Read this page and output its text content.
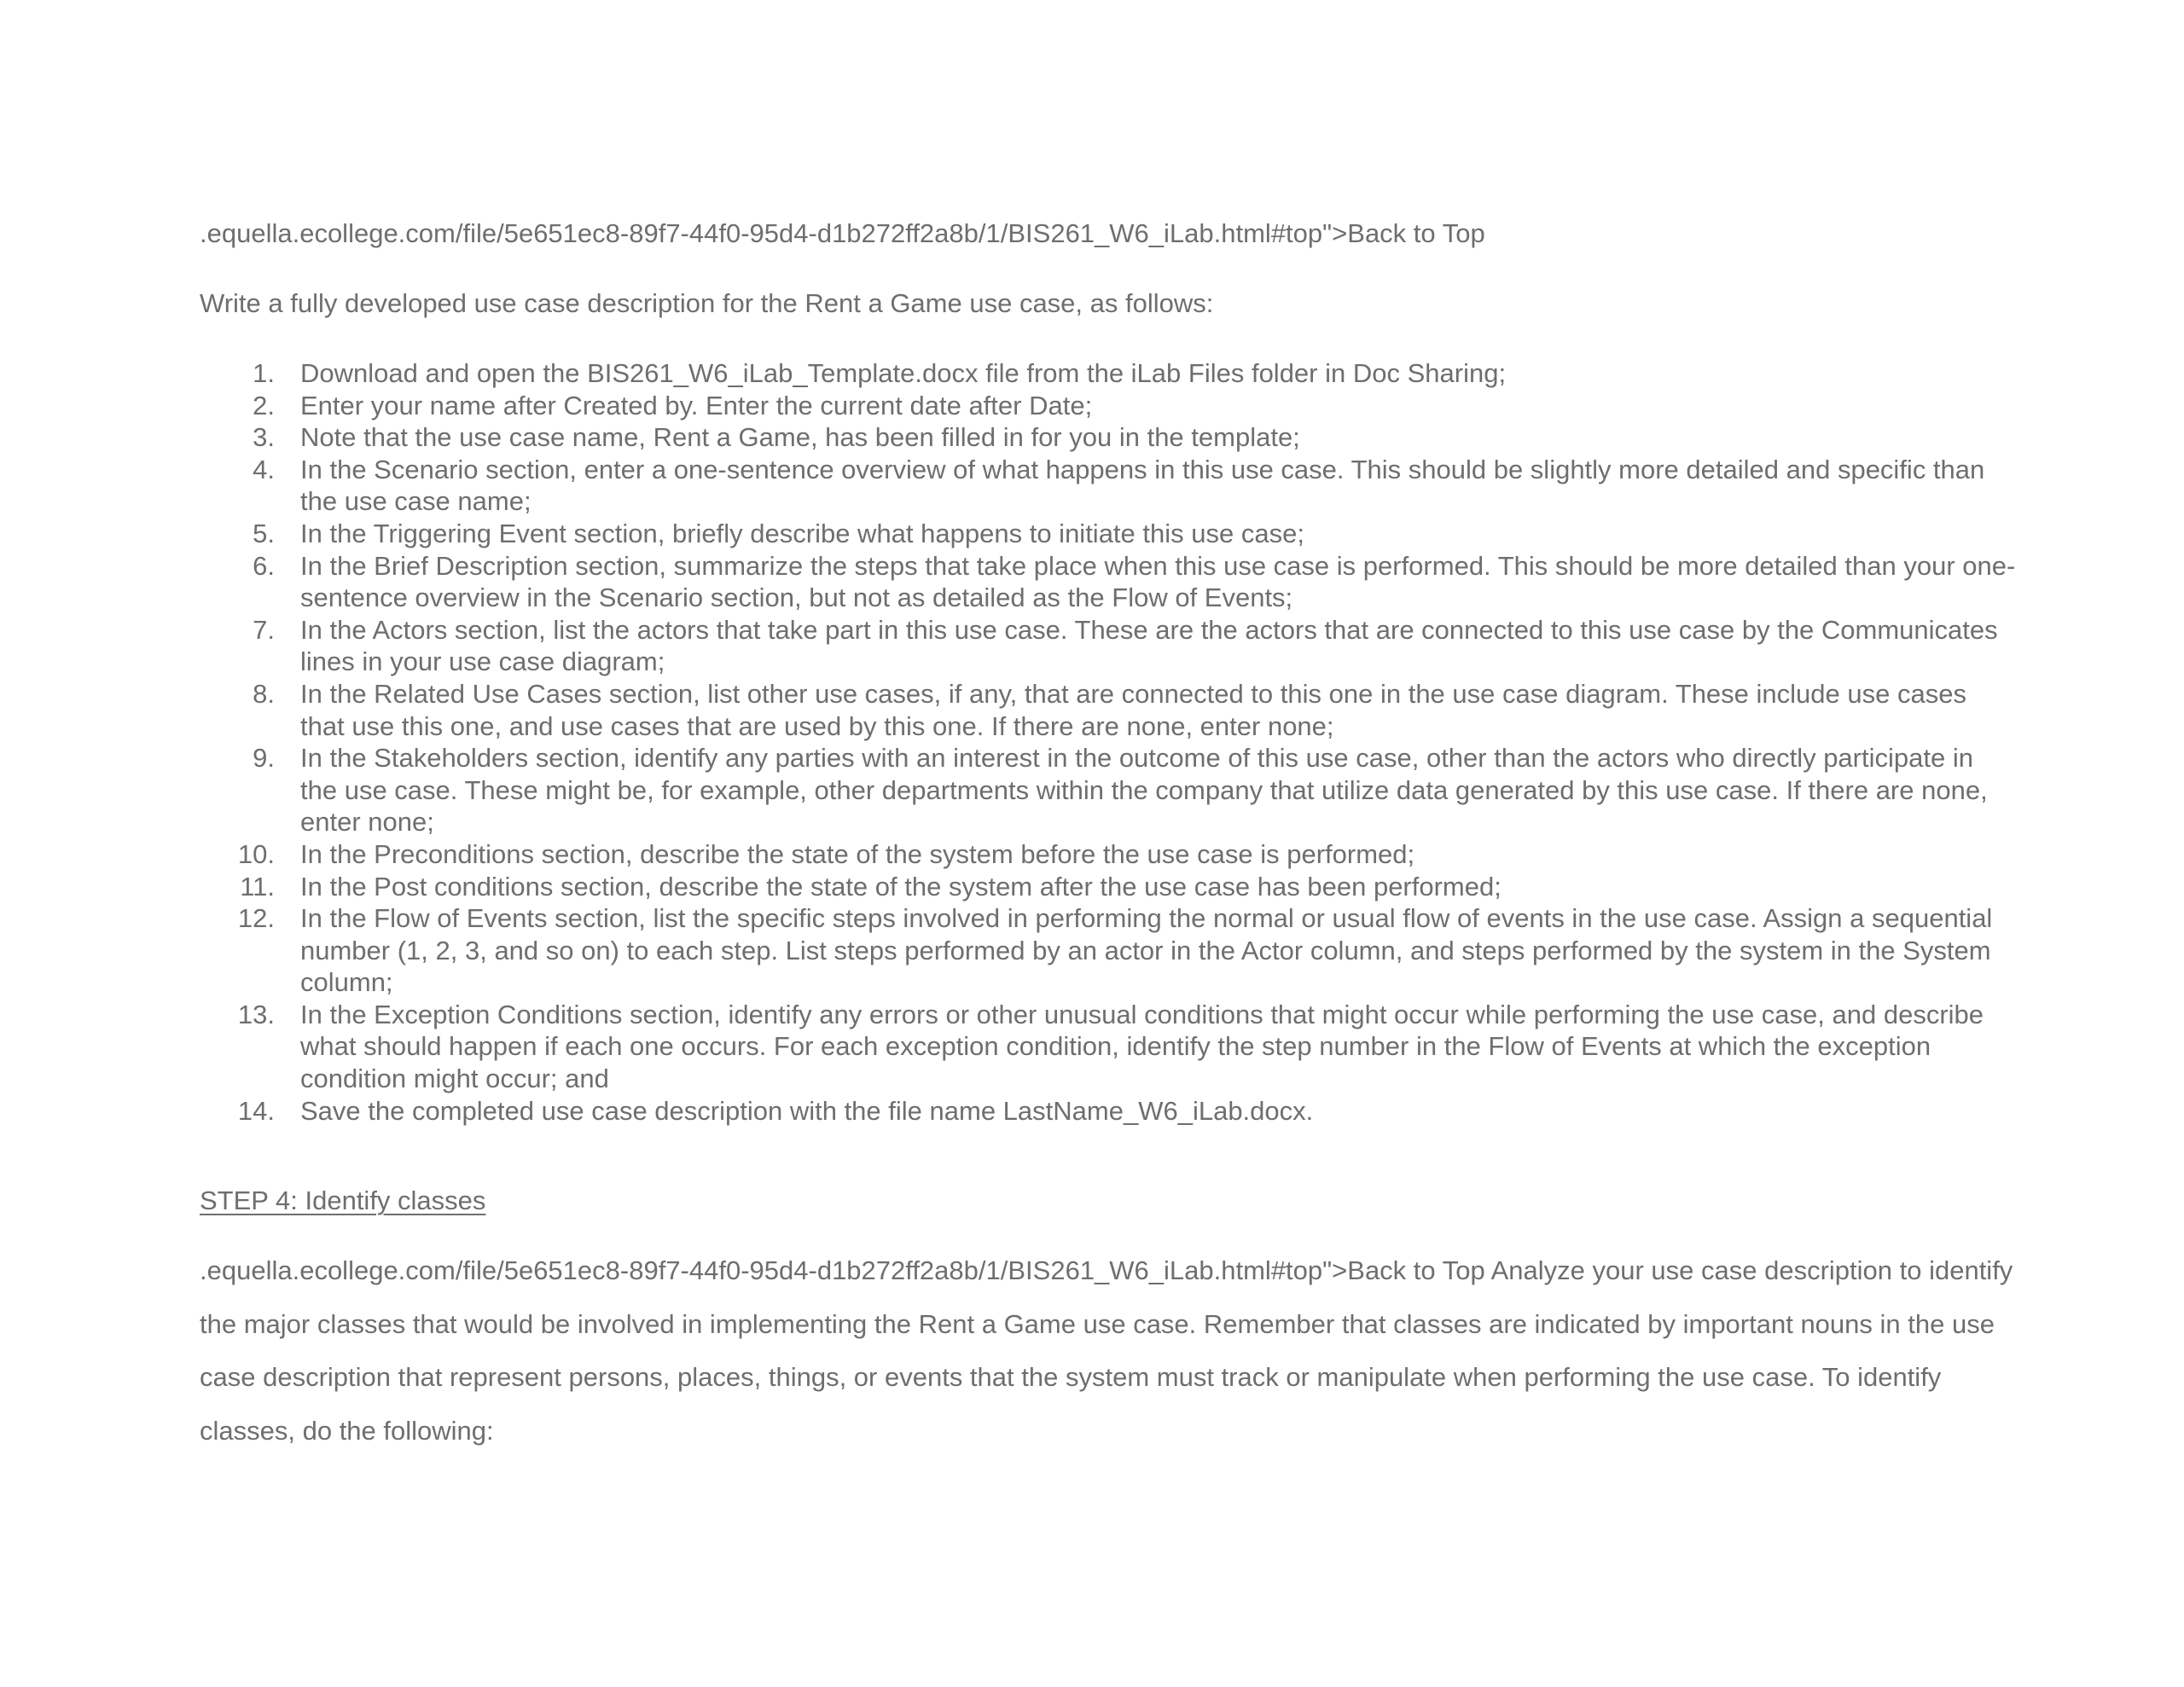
.equella.ecollege.com/file/5e651ec8-89f7-44f0-95d4-d1b272ff2a8b/1/BIS261_W6_iLab.html#top">Back to Top

Write a fully developed use case description for the Rent a Game use case, as follows:

1. Download and open the BIS261_W6_iLab_Template.docx file from the iLab Files folder in Doc Sharing;
2. Enter your name after Created by. Enter the current date after Date;
3. Note that the use case name, Rent a Game, has been filled in for you in the template;
4. In the Scenario section, enter a one-sentence overview of what happens in this use case. This should be slightly more detailed and specific than the use case name;
5. In the Triggering Event section, briefly describe what happens to initiate this use case;
6. In the Brief Description section, summarize the steps that take place when this use case is performed. This should be more detailed than your one-sentence overview in the Scenario section, but not as detailed as the Flow of Events;
7. In the Actors section, list the actors that take part in this use case. These are the actors that are connected to this use case by the Communicates lines in your use case diagram;
8. In the Related Use Cases section, list other use cases, if any, that are connected to this one in the use case diagram. These include use cases that use this one, and use cases that are used by this one. If there are none, enter none;
9. In the Stakeholders section, identify any parties with an interest in the outcome of this use case, other than the actors who directly participate in the use case. These might be, for example, other departments within the company that utilize data generated by this use case. If there are none, enter none;
10. In the Preconditions section, describe the state of the system before the use case is performed;
11. In the Post conditions section, describe the state of the system after the use case has been performed;
12. In the Flow of Events section, list the specific steps involved in performing the normal or usual flow of events in the use case. Assign a sequential number (1, 2, 3, and so on) to each step. List steps performed by an actor in the Actor column, and steps performed by the system in the System column;
13. In the Exception Conditions section, identify any errors or other unusual conditions that might occur while performing the use case, and describe what should happen if each one occurs. For each exception condition, identify the step number in the Flow of Events at which the exception condition might occur; and
14. Save the completed use case description with the file name LastName_W6_iLab.docx.

STEP 4: Identify classes

.equella.ecollege.com/file/5e651ec8-89f7-44f0-95d4-d1b272ff2a8b/1/BIS261_W6_iLab.html#top">Back to Top Analyze your use case description to identify the major classes that would be involved in implementing the Rent a Game use case. Remember that classes are indicated by important nouns in the use case description that represent persons, places, things, or events that the system must track or manipulate when performing the use case. To identify classes, do the following:
